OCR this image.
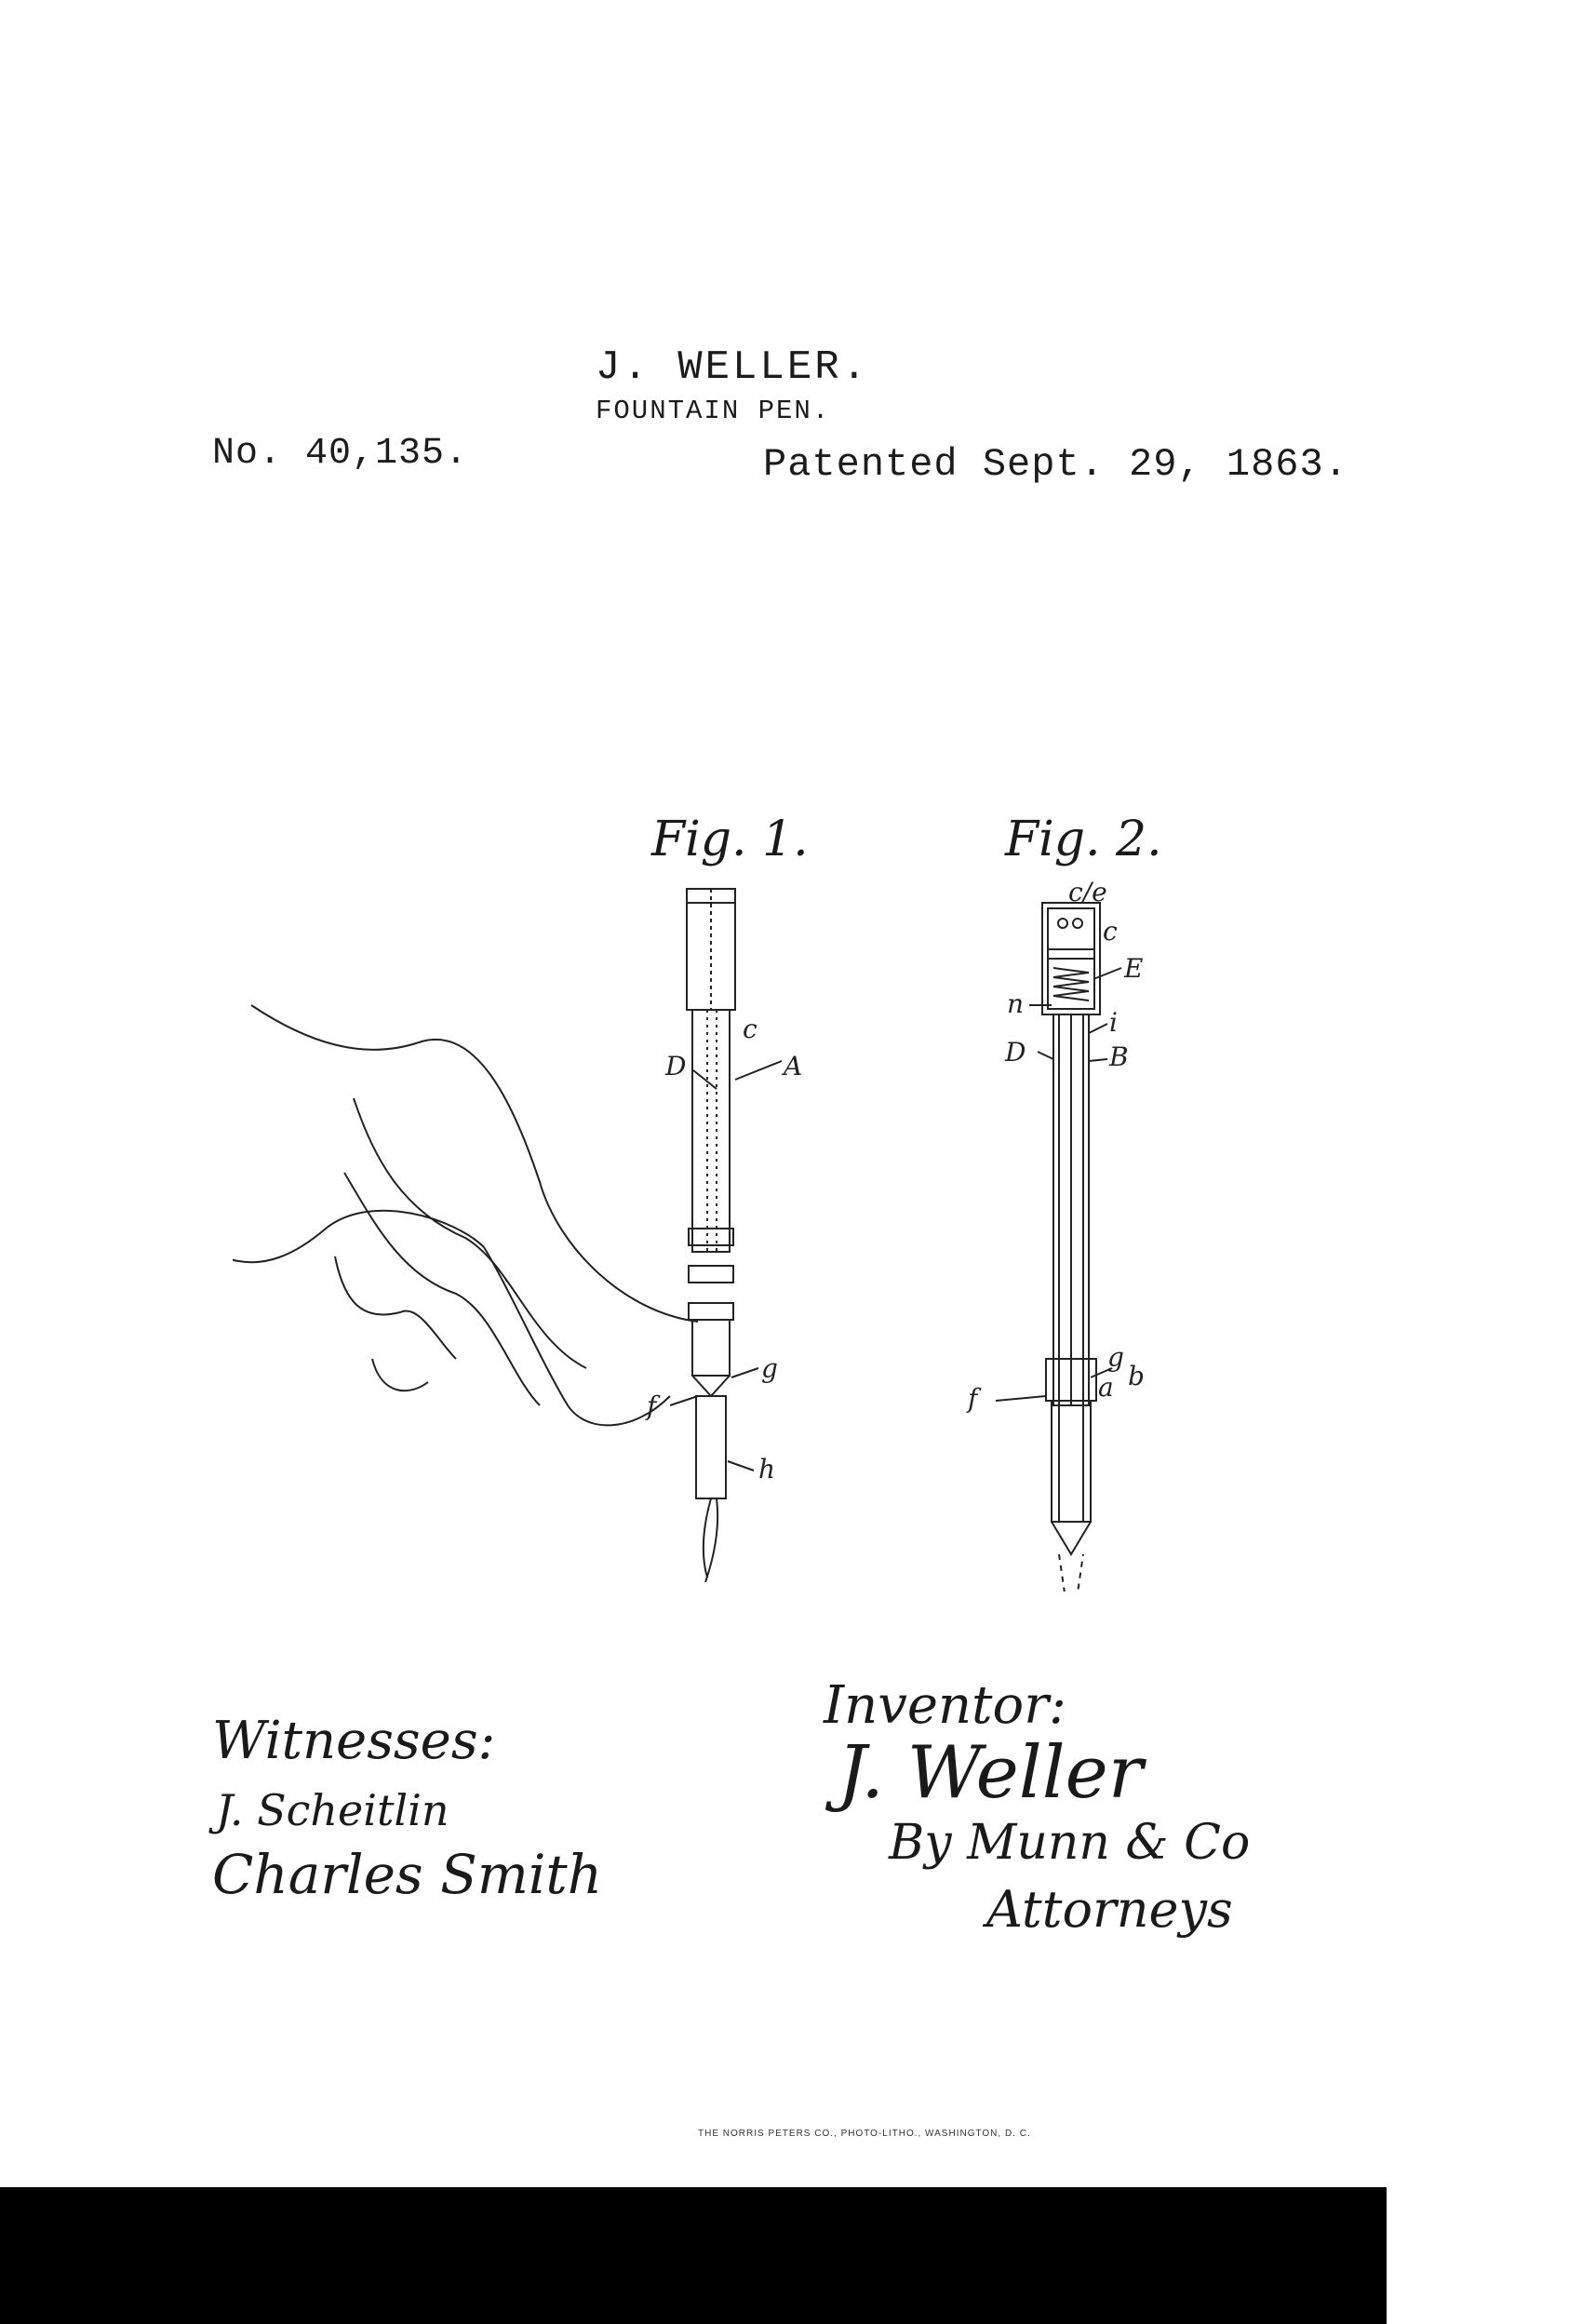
J. WELLER.
FOUNTAIN PEN.
No. 40,135.	Patented Sept. 29, 1863.
Fig. 1.	Fig. 2.
c
D	A
g
f
h
c/e
c
E
n
i
D	B
g
b
a
f
Witnesses:
J. Scheitlin
Charles Smith
Inventor:
J. Weller
By Munn & Co
Attorneys
THE NORRIS PETERS CO., PHOTO-LITHO., WASHINGTON, D. C.
